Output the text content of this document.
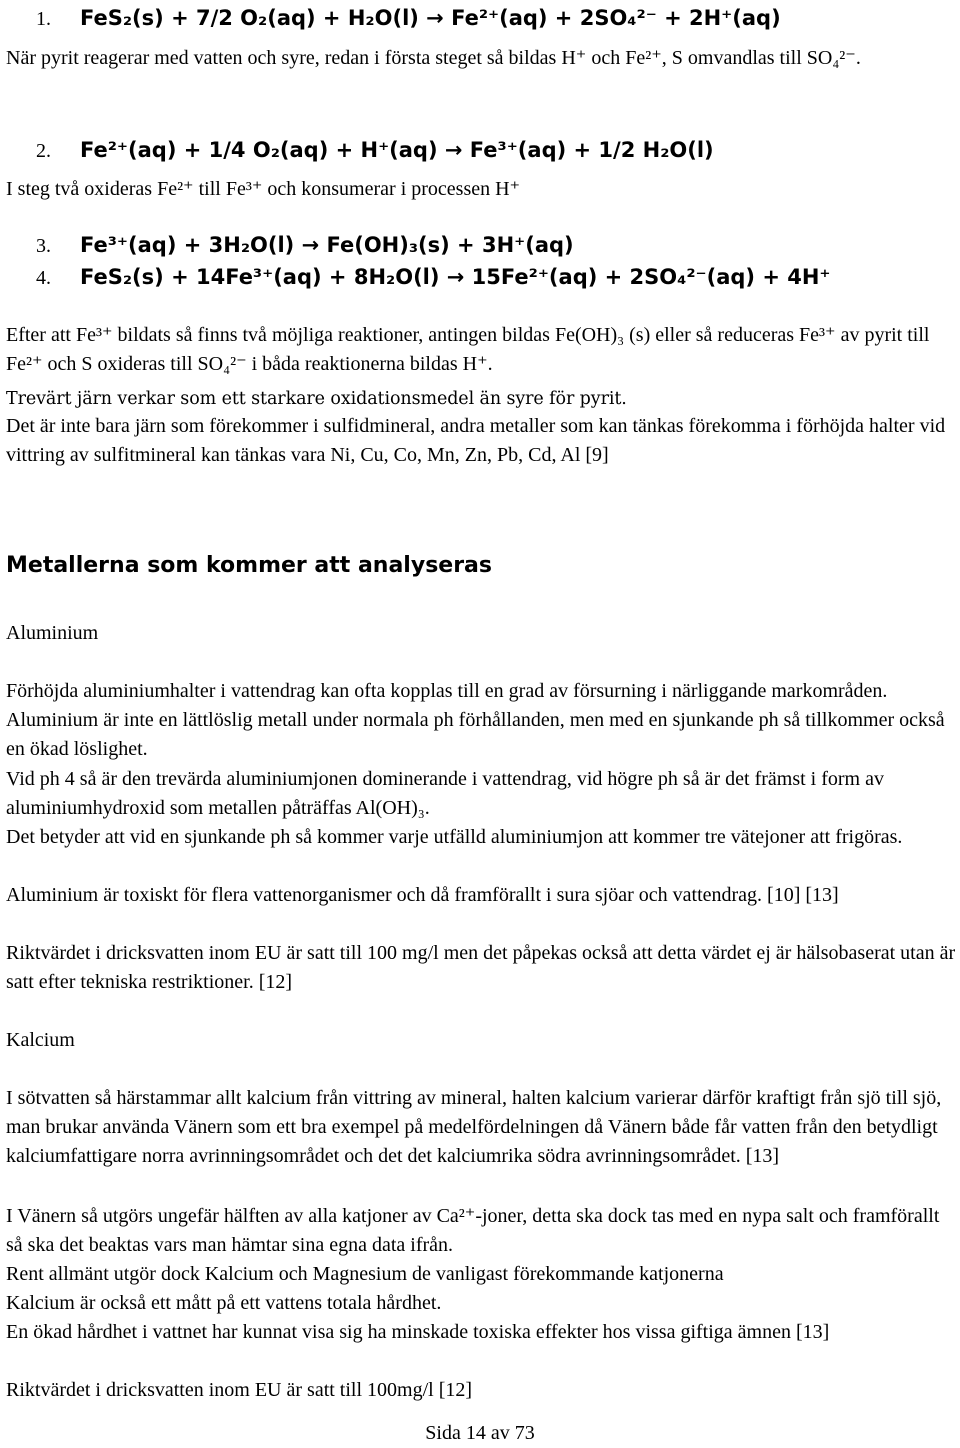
1. FeS₂(s) + 7/2 O₂(aq) + H₂O(l) → Fe²⁺(aq) + 2SO₄²⁻ + 2H⁺(aq)
När pyrit reagerar med vatten och syre, redan i första steget så bildas H⁺ och Fe²⁺, S omvandlas till SO₄²⁻.
2. Fe²⁺(aq) + 1/4 O₂(aq) + H⁺(aq) → Fe³⁺(aq) + 1/2 H₂O(l)
I steg två oxideras Fe²⁺ till Fe³⁺ och konsumerar i processen H⁺
3. Fe³⁺(aq) + 3H₂O(l) → Fe(OH)₃(s) + 3H⁺(aq)
4. FeS₂(s) + 14Fe³⁺(aq) + 8H₂O(l) → 15Fe²⁺(aq) + 2SO₄²⁻(aq) + 4H⁺
Efter att Fe³⁺ bildats så finns två möjliga reaktioner, antingen bildas Fe(OH)₃ (s) eller så reduceras Fe³⁺ av pyrit till Fe²⁺ och S oxideras till SO₄²⁻ i båda reaktionerna bildas H⁺.
Trevärt järn verkar som ett starkare oxidationsmedel än syre för pyrit.
Det är inte bara järn som förekommer i sulfidmineral, andra metaller som kan tänkas förekomma i förhöjda halter vid vittring av sulfitmineral kan tänkas vara Ni, Cu, Co, Mn, Zn, Pb, Cd, Al [9]
Metallerna som kommer att analyseras
Aluminium
Förhöjda aluminiumhalter i vattendrag kan ofta kopplas till en grad av försurning i närliggande markområden. Aluminium är inte en lättlöslig metall under normala ph förhållanden, men med en sjunkande ph så tillkommer också en ökad löslighet.
Vid ph 4 så är den trevärda aluminiumjonen dominerande i vattendrag, vid högre ph så är det främst i form av aluminiumhydroxid som metallen påträffas Al(OH)₃.
Det betyder att vid en sjunkande ph så kommer varje utfälld aluminiumjon att kommer tre vätejoner att frigöras.
Aluminium är toxiskt för flera vattenorganismer och då framförallt i sura sjöar och vattendrag. [10] [13]
Riktvärdet i dricksvatten inom EU är satt till 100 mg/l men det påpekas också att detta värdet ej är hälsobaserat utan är satt efter tekniska restriktioner. [12]
Kalcium
I sötvatten så härstammar allt kalcium från vittring av mineral, halten kalcium varierar därför kraftigt från sjö till sjö, man brukar använda Vänern som ett bra exempel på medelfördelningen då Vänern både får vatten från den betydligt kalciumfattigare norra avrinningsområdet och det det kalciumrika södra avrinningsområdet. [13]
I Vänern så utgörs ungefär hälften av alla katjoner av Ca²⁺-joner, detta ska dock tas med en nypa salt och framförallt så ska det beaktas vars man hämtar sina egna data ifrån.
Rent allmänt utgör dock Kalcium och Magnesium de vanligast förekommande katjonerna
Kalcium är också ett mått på ett vattens totala hårdhet.
En ökad hårdhet i vattnet har kunnat visa sig ha minskade toxiska effekter hos vissa giftiga ämnen [13]
Riktvärdet i dricksvatten inom EU är satt till 100mg/l [12]
Sida 14 av 73
